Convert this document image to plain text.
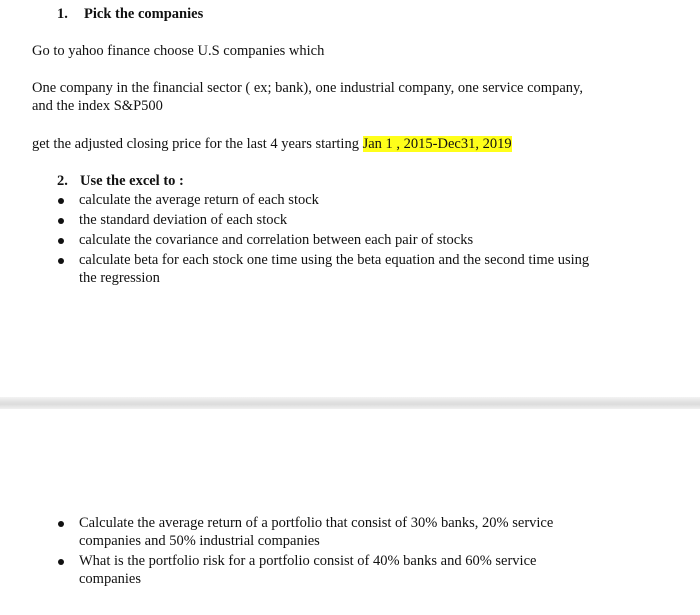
1. Pick the companies
Go to yahoo finance choose U.S companies which
One company in the financial sector ( ex; bank), one industrial company, one service company,
and the index S&P500
get the adjusted closing price for the last 4 years starting Jan 1 , 2015-Dec31, 2019
2. Use the excel to :
calculate the average return of each stock
the standard deviation of each stock
calculate the covariance and correlation between each pair of stocks
calculate beta for each stock one time using the beta equation and the second time using
the regression
Calculate the average return of a portfolio that consist of 30% banks, 20% service
companies and 50% industrial companies
What is the portfolio risk for a portfolio consist of 40% banks and 60% service
companies
